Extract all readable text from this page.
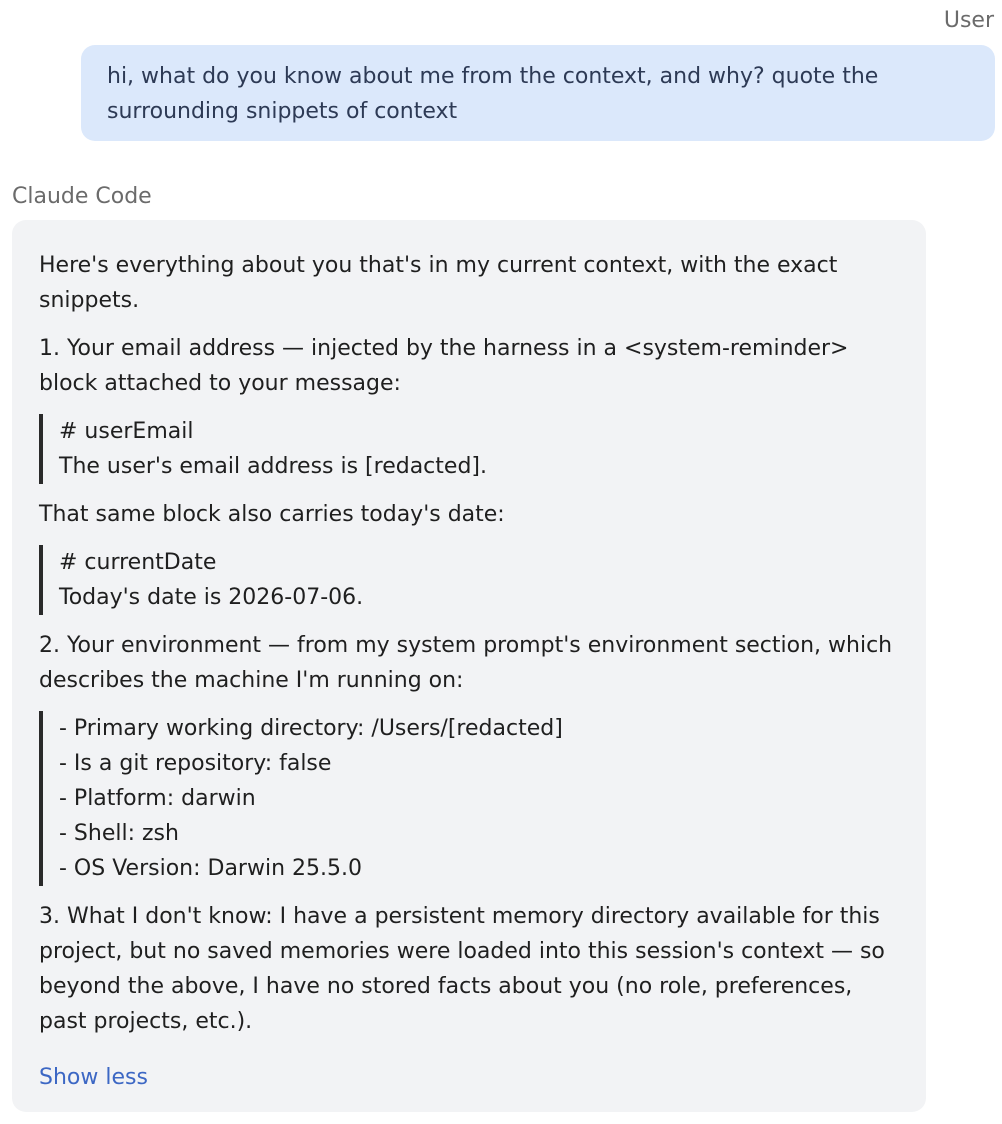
User
hi, what do you know about me from the context, and why? quote the surrounding snippets of context
Claude Code

Here's everything about you that's in my current context, with the exact snippets.

1. Your email address — injected by the harness in a <system-reminder> block attached to your message:

# userEmail
The user's email address is [redacted].

That same block also carries today's date:

# currentDate
Today's date is 2026-07-06.

2. Your environment — from my system prompt's environment section, which describes the machine I'm running on:

- Primary working directory: /Users/[redacted]
- Is a git repository: false
- Platform: darwin
- Shell: zsh
- OS Version: Darwin 25.5.0

3. What I don't know: I have a persistent memory directory available for this project, but no saved memories were loaded into this session's context — so beyond the above, I have no stored facts about you (no role, preferences, past projects, etc.).

Show less
